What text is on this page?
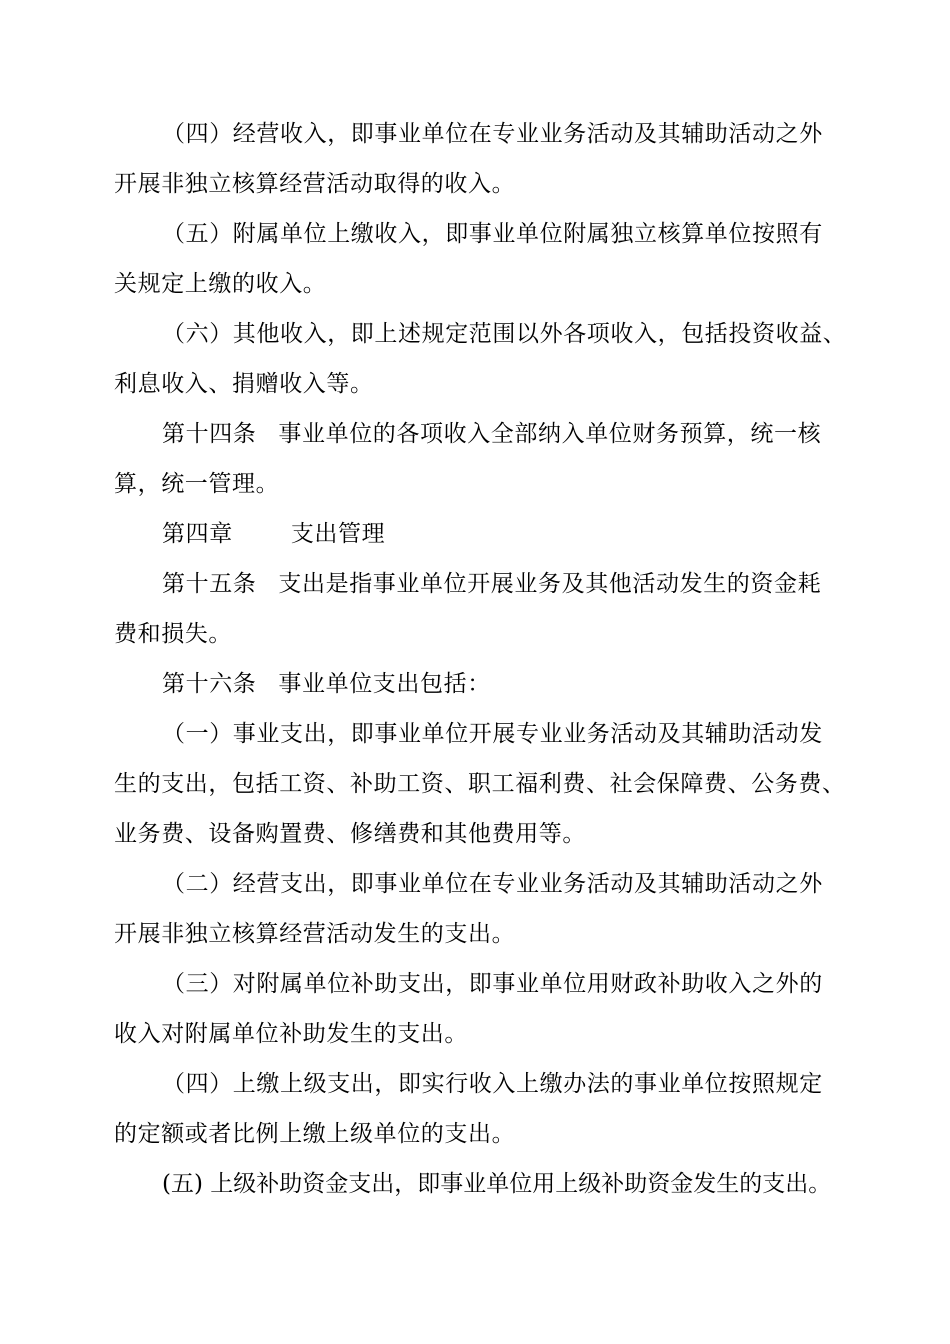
（四）经营收入，即事业单位在专业业务活动及其辅助活动之外
开展非独立核算经营活动取得的收入。
（五）附属单位上缴收入，即事业单位附属独立核算单位按照有
关规定上缴的收入。
（六）其他收入，即上述规定范围以外各项收入，包括投资收益、
利息收入、捐赠收入等。
第十四条 事业单位的各项收入全部纳入单位财务预算，统一核
算，统一管理。
第四章	支出管理
第十五条 支出是指事业单位开展业务及其他活动发生的资金耗
费和损失。
第十六条 事业单位支出包括：
（一）事业支出，即事业单位开展专业业务活动及其辅助活动发
生的支出，包括工资、补助工资、职工福利费、社会保障费、公务费、
业务费、设备购置费、修缮费和其他费用等。
（二）经营支出，即事业单位在专业业务活动及其辅助活动之外
开展非独立核算经营活动发生的支出。
（三）对附属单位补助支出，即事业单位用财政补助收入之外的
收入对附属单位补助发生的支出。
（四）上缴上级支出，即实行收入上缴办法的事业单位按照规定
的定额或者比例上缴上级单位的支出。
(五) 上级补助资金支出，即事业单位用上级补助资金发生的支出。
